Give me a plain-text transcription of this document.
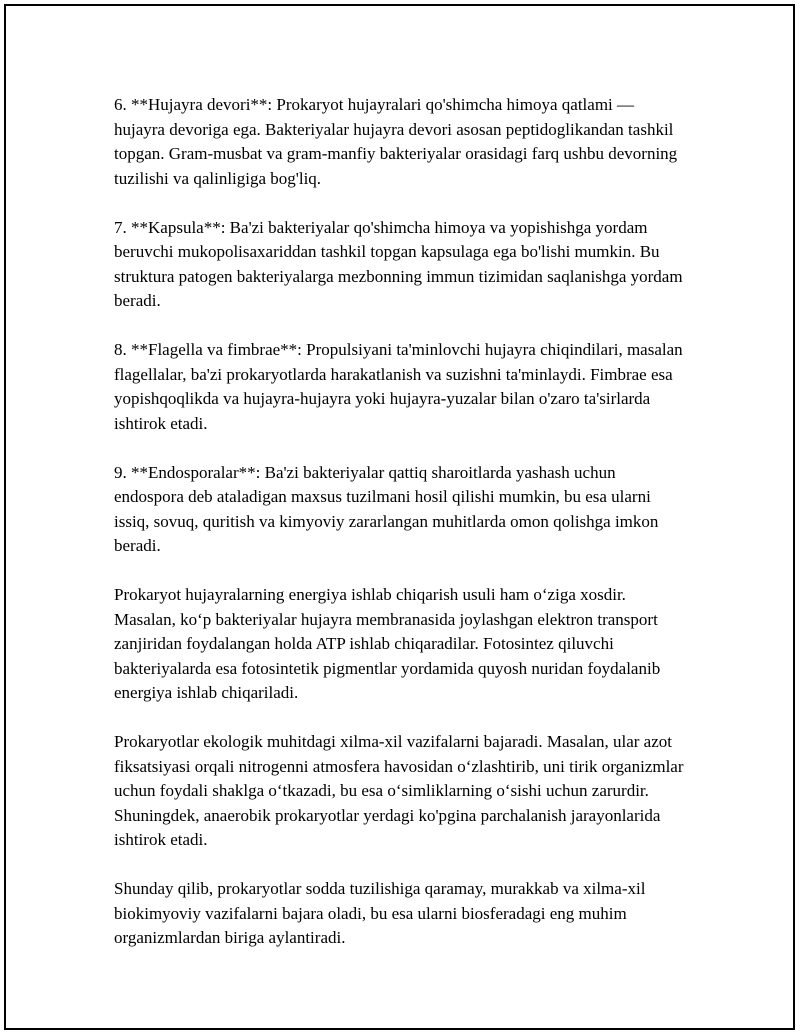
6. **Hujayra devori**: Prokaryot hujayralari qo'shimcha himoya qatlami — hujayra devoriga ega. Bakteriyalar hujayra devori asosan peptidoglikandan tashkil topgan. Gram-musbat va gram-manfiy bakteriyalar orasidagi farq ushbu devorning tuzilishi va qalinligiga bog'liq.

7. **Kapsula**: Ba'zi bakteriyalar qo'shimcha himoya va yopishishga yordam beruvchi mukopolisaxariddan tashkil topgan kapsulaga ega bo'lishi mumkin. Bu struktura patogen bakteriyalarga mezbonning immun tizimidan saqlanishga yordam beradi.

8. **Flagella va fimbrae**: Propulsiyani ta'minlovchi hujayra chiqindilari, masalan flagellalar, ba'zi prokaryotlarda harakatlanish va suzishni ta'minlaydi. Fimbrae esa yopishqoqlikda va hujayra-hujayra yoki hujayra-yuzalar bilan o'zaro ta'sirlarda ishtirok etadi.

9. **Endosporalar**: Ba'zi bakteriyalar qattiq sharoitlarda yashash uchun endospora deb ataladigan maxsus tuzilmani hosil qilishi mumkin, bu esa ularni issiq, sovuq, quritish va kimyoviy zararlangan muhitlarda omon qolishga imkon beradi.

Prokaryot hujayralarning energiya ishlab chiqarish usuli ham o‘ziga xosdir. Masalan, ko‘p bakteriyalar hujayra membranasida joylashgan elektron transport zanjiridan foydalangan holda ATP ishlab chiqaradilar. Fotosintez qiluvchi bakteriyalarda esa fotosintetik pigmentlar yordamida quyosh nuridan foydalanib energiya ishlab chiqariladi.

Prokaryotlar ekologik muhitdagi xilma-xil vazifalarni bajaradi. Masalan, ular azot fiksatsiyasi orqali nitrogenni atmosfera havosidan o‘zlashtirib, uni tirik organizmlar uchun foydali shaklga o‘tkazadi, bu esa o‘simliklarning o‘sishi uchun zarurdir. Shuningdek, anaerobik prokaryotlar yerdagi ko'pgina parchalanish jarayonlarida ishtirok etadi.

Shunday qilib, prokaryotlar sodda tuzilishiga qaramay, murakkab va xilma-xil biokimyoviy vazifalarni bajara oladi, bu esa ularni biosferadagi eng muhim organizmlardan biriga aylantiradi.
